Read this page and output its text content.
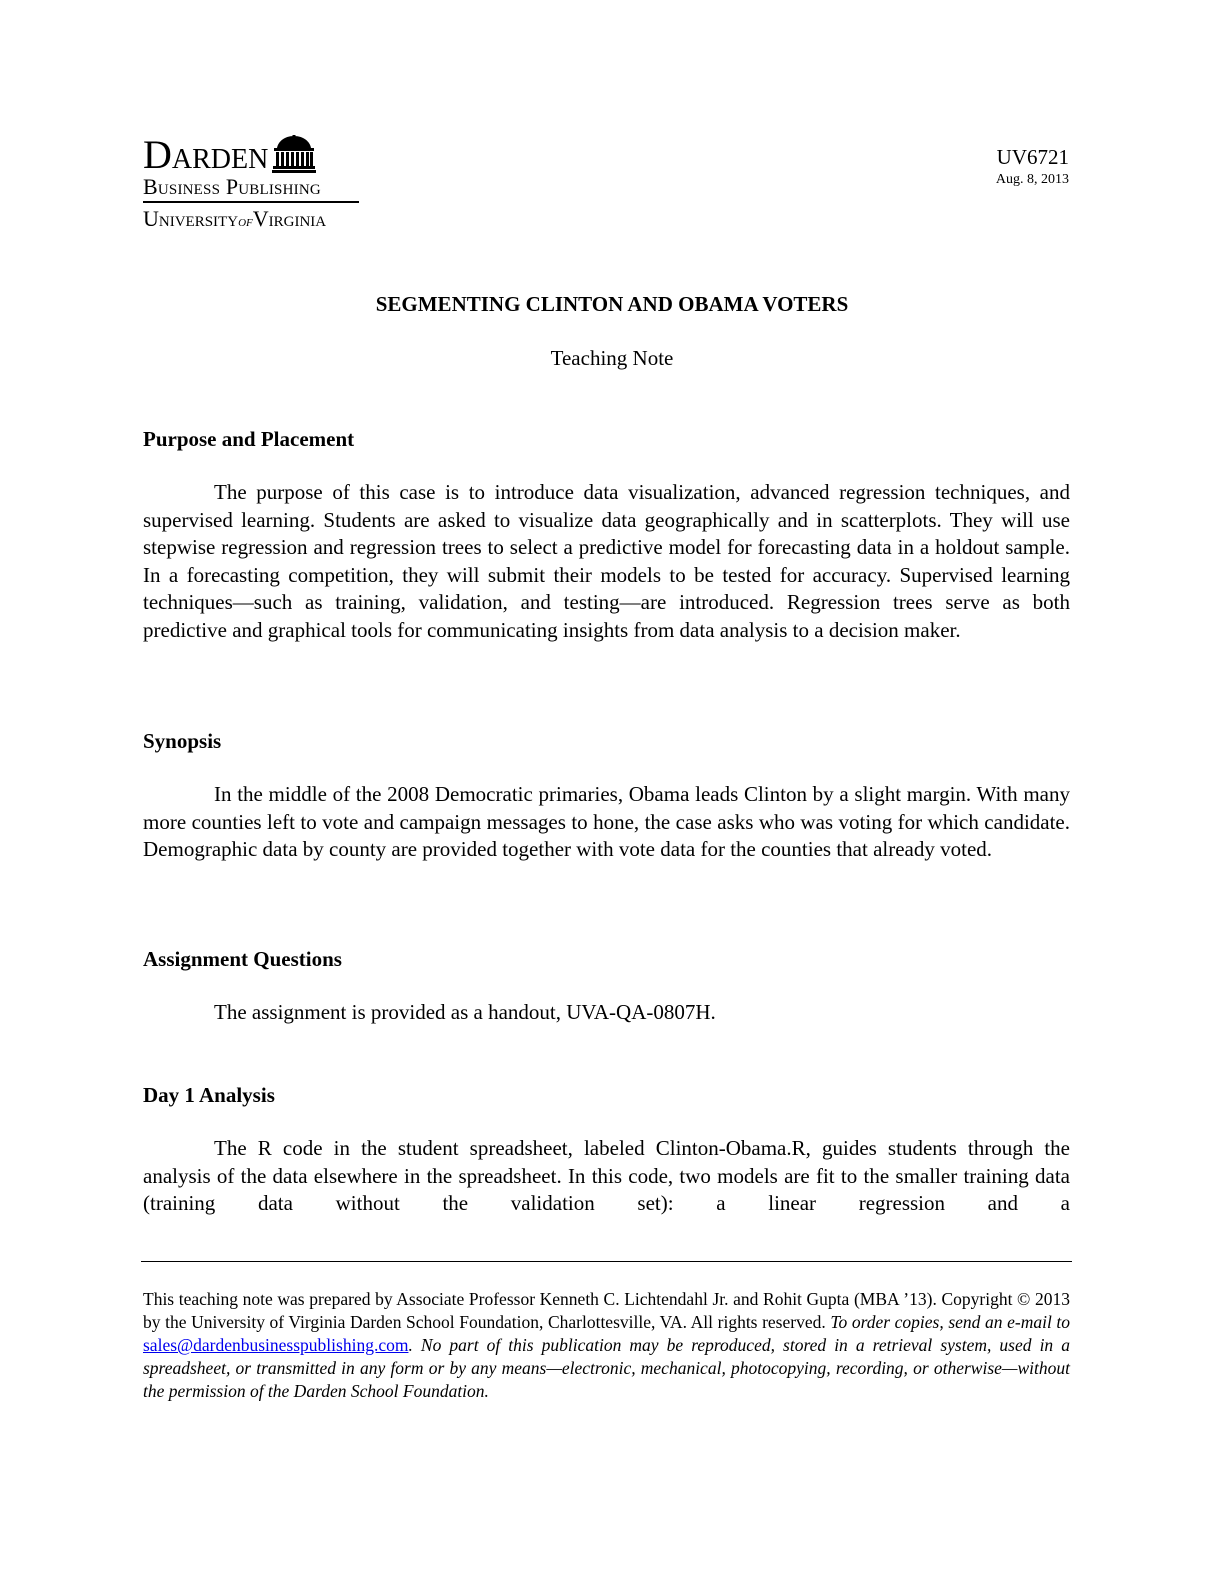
Darden
Business Publishing
UniversityofVirginia
UV6721
Aug. 8, 2013
SEGMENTING CLINTON AND OBAMA VOTERS
Teaching Note
Purpose and Placement

The purpose of this case is to introduce data visualization, advanced regression techniques, and supervised learning. Students are asked to visualize data geographically and in scatterplots. They will use stepwise regression and regression trees to select a predictive model for forecasting data in a holdout sample. In a forecasting competition, they will submit their models to be tested for accuracy. Supervised learning techniques—such as training, validation, and testing—are introduced. Regression trees serve as both predictive and graphical tools for communicating insights from data analysis to a decision maker.

Synopsis

In the middle of the 2008 Democratic primaries, Obama leads Clinton by a slight margin. With many more counties left to vote and campaign messages to hone, the case asks who was voting for which candidate. Demographic data by county are provided together with vote data for the counties that already voted.

Assignment Questions

The assignment is provided as a handout, UVA-QA-0807H.

Day 1 Analysis

The R code in the student spreadsheet, labeled Clinton-Obama.R, guides students through the analysis of the data elsewhere in the spreadsheet. In this code, two models are fit to the smaller training data (training data without the validation set): a linear regression and a

This teaching note was prepared by Associate Professor Kenneth C. Lichtendahl Jr. and Rohit Gupta (MBA ’13). Copyright © 2013 by the University of Virginia Darden School Foundation, Charlottesville, VA. All rights reserved. To order copies, send an e-mail to sales@dardenbusinesspublishing.com. No part of this publication may be reproduced, stored in a retrieval system, used in a spreadsheet, or transmitted in any form or by any means—electronic, mechanical, photocopying, recording, or otherwise—without the permission of the Darden School Foundation.
